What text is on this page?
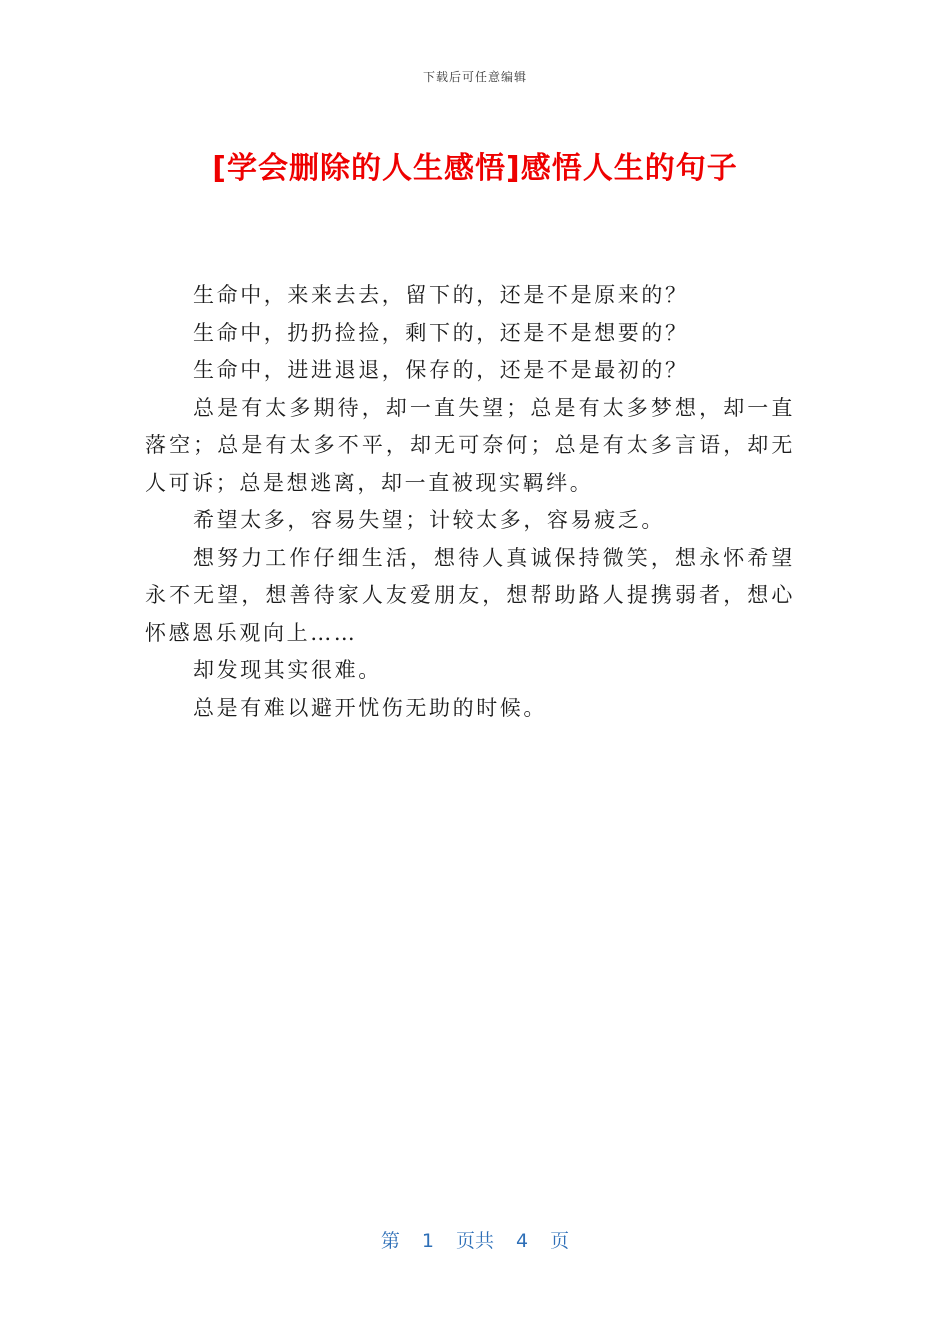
下载后可任意编辑
[学会删除的人生感悟]感悟人生的句子

生命中，来来去去，留下的，还是不是原来的？

生命中，扔扔捡捡，剩下的，还是不是想要的？

生命中，进进退退，保存的，还是不是最初的？

总是有太多期待，却一直失望；总是有太多梦想，却一直落空；总是有太多不平，却无可奈何；总是有太多言语，却无人可诉；总是想逃离，却一直被现实羁绊。

希望太多，容易失望；计较太多，容易疲乏。

想努力工作仔细生活，想待人真诚保持微笑，想永怀希望永不无望，想善待家人友爱朋友，想帮助路人提携弱者，想心怀感恩乐观向上……

却发现其实很难。

总是有难以避开忧伤无助的时候。

第 1 页共 4 页
